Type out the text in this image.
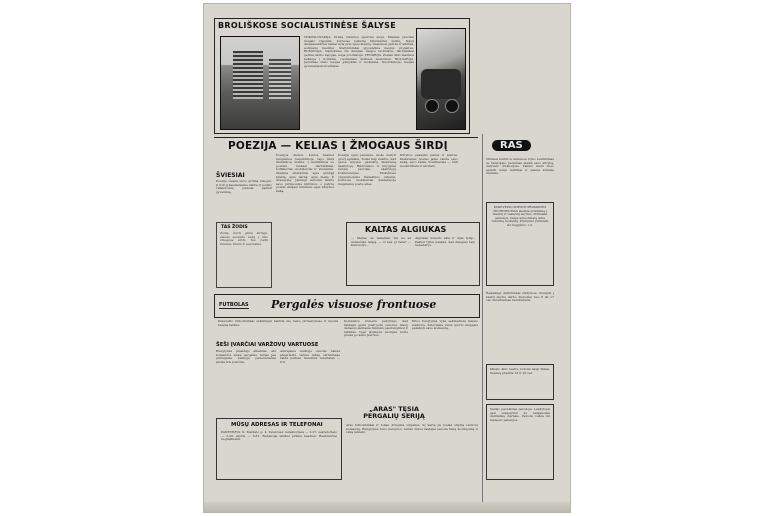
BROLIŠKOSE SOCIALISTINĖSE ŠALYSE
ČEKOSLOVAKIJA. Praha statybos sparčiai auga. Miestas plečiasi naujais rajonais, kuriuose įsikuria tūkstančiai šeimų. Nauji daugiaaukščiai namai kyla prie upės krantų, tiesiamos gatvės ir aikštės, sodinami medžiai. Statybininkai įgyvendina naujus projektus. RUMUNIJA. Gamyklose vis daugiau naujos technikos, darbininkai gerina darbo sąlygas, auga produkcija. VENGRIJA. Žemės ūkio mašinos keliauja į kolūkius, ruošiamasi derliaus nuėmimui. BULGARIJA. Jaunimas stato naujas gamyklas ir mokyklas. Nuotraukoje: naujas gyvenamasis kvartalas.
RAS
Vilniaus kultūros namuose įvyko susitikimas su rašytojais. Jaunimas skaitė savo kūrybą, dalyvavo diskusijose. Vakaro metu buvo aptarti nauji leidiniai ir planai kitiems metams.
POEZIJA — KELIAS Į ŽMOGAUS ŠIRDĮ
ŠVIESIAI
Poezija visada buvo artima žmogui. Ji lydi jį kasdieniame darbe ir poilsio valandomis, padeda pažinti gyvenimą.
TAS ŽODIS
Žodis, kuris gimė širdyje, visada suranda kelią į kito žmogaus širdį. Tas žodis šviesus, tikras ir paprastas.
Poezijos dienos, kurios kasmet rengiamos respublikoje, tapo tikra literatūros švente. Į susitikimus su poetais renkasi darbininkai, kolūkiečiai, moksleiviai ir studentai. Skamba eilėraščiai apie gimtąjį kraštą, apie darbą, apie meilę ir draugystę. Jaunieji autoriai skaito savo pirmuosius kūrinius, o patyrę poetai dalijasi mintimis apie kūrybos kelią.
Poezija ugdo jausmus, moko matyti grožį aplinkui. Todėl taip svarbu, kad geros knygos pasiektų kiekvieną skaitytoją. Bibliotekos ir knygynai rengia parodas, skaitytojų konferencijas. Mokyklose organizuojami literatūros vakarai, kuriuose moksleiviai deklamuoja mėgstamų poetų eiles.
Kūrybos pasaulis platus ir įvairus. Kiekvienas poetas jame randa savo kelią, savo balsą. Svarbiausia — būti nuoširdžiam ir atviram.
KALTAS ALGIUKAS
— Mama, aš nekaltas! Tai ne aš sudaužiau langą. — O kas gi tada? — Kamuolys…
Algiukas nuleido akis ir ilgai tylėjo. Paskui tyliai pasakė, kad daugiau taip nebedarys.
PANEVĖŽIO MIESTO PRAMONĖS TECHNIKUMAS skelbia priėmimą į dieninį ir vakarinį skyrius. Priimami asmenys, baigę aštuonmetę arba vidurinę mokyklą. Prašymai priimami iki rugpjūčio 1 d.
FUTBOLAS Pergalės visuose frontuose
Panevėžio futbolininkai sėkmingai žaidžia šių metų pirmenybėse ir nuolat kaupia taškus.
ŠEŠI ĮVARČIAI VARŽOVŲ VARTUOSE
Rungtynės prasidėjo atkakliai. Abi komandos siekė pergalės, tačiau jau pirmajame kėlinyje panevėžiečiai įmušė tris įvarčius.
Antrajame kėlinyje svečiai bandė atsigriebti, tačiau mūsų vartininkas žaidė puikiai. Galutinis rezultatas — 6:0.
Komandos treneris pažymėjo, kad žaidėjai gerai pasiruošė sezonui. Daug dėmesio skiriama fiziniam pasirengimui ir taktikai. Ypač išsiskyrė puolėjai, kurie įmušė po kelis įvarčius.
Kitos rungtynės vyks sekmadienį miesto stadione. Kviečiame visus sporto mėgėjus palaikyti savo komandą.
„ARAS" TĘSIA PERGALIŲ SERIJĄ
Aras futbolininkai ir toliau džiugina sirgalius. Šį kartą jie įveikė stiprią varžovų komandą. Rungtynės buvo įtemptos, tačiau mūsų žaidėjai parodė tikrą kovingumą ir valią laimėti.
MŪSŲ ADRESAS IR TELEFONAI
PANEVĖŽYS, K. Marksto g. 4. Telefonai: redaktoriaus — 2-27, sekretoriato — 2-39, skyrių — 3-81. Redakcija laiškus priima kasdien. Rankraščiai negrąžinami.
Reikalingi darbininkai statybose. Kreiptis į kadrų skyrių darbo dienomis nuo 8 iki 17 val. Suteikiamas bendrabutis.
Miesto kino teatre rodomi nauji filmai. Seansų pradžia 18 ir 20 val.
Vedėjo paveikslas parodoje. Lankytojai gali susipažinti su naujausiais dailininkų darbais. Paroda veikia iki mėnesio pabaigos.
